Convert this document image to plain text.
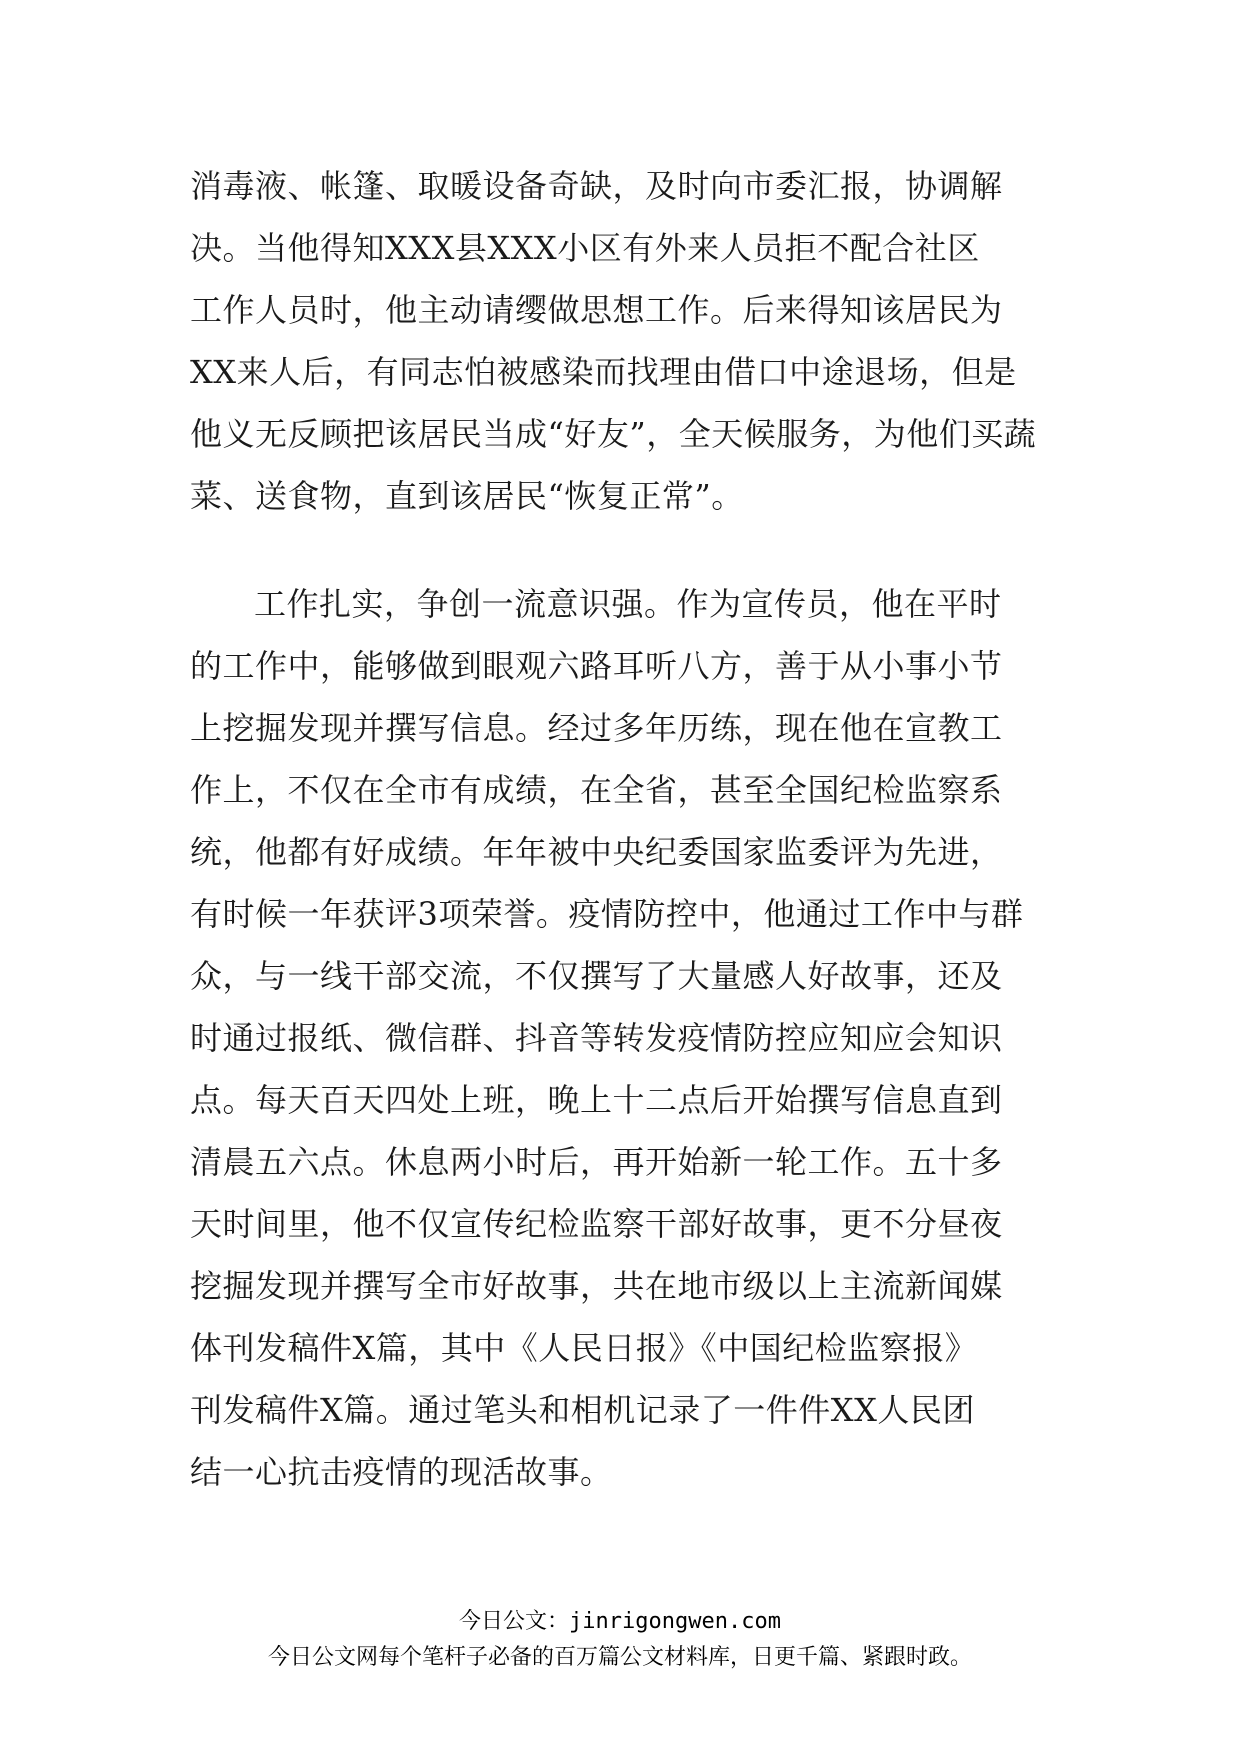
消毒液、帐篷、取暖设备奇缺，及时向市委汇报，协调解
决。当他得知XXX县XXX小区有外来人员拒不配合社区
工作人员时，他主动请缨做思想工作。后来得知该居民为
XX来人后，有同志怕被感染而找理由借口中途退场，但是
他义无反顾把该居民当成“好友”，全天候服务，为他们买蔬
菜、送食物，直到该居民“恢复正常”。
工作扎实，争创一流意识强。作为宣传员，他在平时
的工作中，能够做到眼观六路耳听八方，善于从小事小节
上挖掘发现并撰写信息。经过多年历练，现在他在宣教工
作上，不仅在全市有成绩，在全省，甚至全国纪检监察系
统，他都有好成绩。年年被中央纪委国家监委评为先进，
有时候一年获评3项荣誉。疫情防控中，他通过工作中与群
众，与一线干部交流，不仅撰写了大量感人好故事，还及
时通过报纸、微信群、抖音等转发疫情防控应知应会知识
点。每天百天四处上班，晚上十二点后开始撰写信息直到
清晨五六点。休息两小时后，再开始新一轮工作。五十多
天时间里，他不仅宣传纪检监察干部好故事，更不分昼夜
挖掘发现并撰写全市好故事，共在地市级以上主流新闻媒
体刊发稿件X篇，其中《人民日报》《中国纪检监察报》
刊发稿件X篇。通过笔头和相机记录了一件件XX人民团
结一心抗击疫情的现活故事。
今日公文：jinrigongwen.com
今日公文网每个笔杆子必备的百万篇公文材料库，日更千篇、紧跟时政。
